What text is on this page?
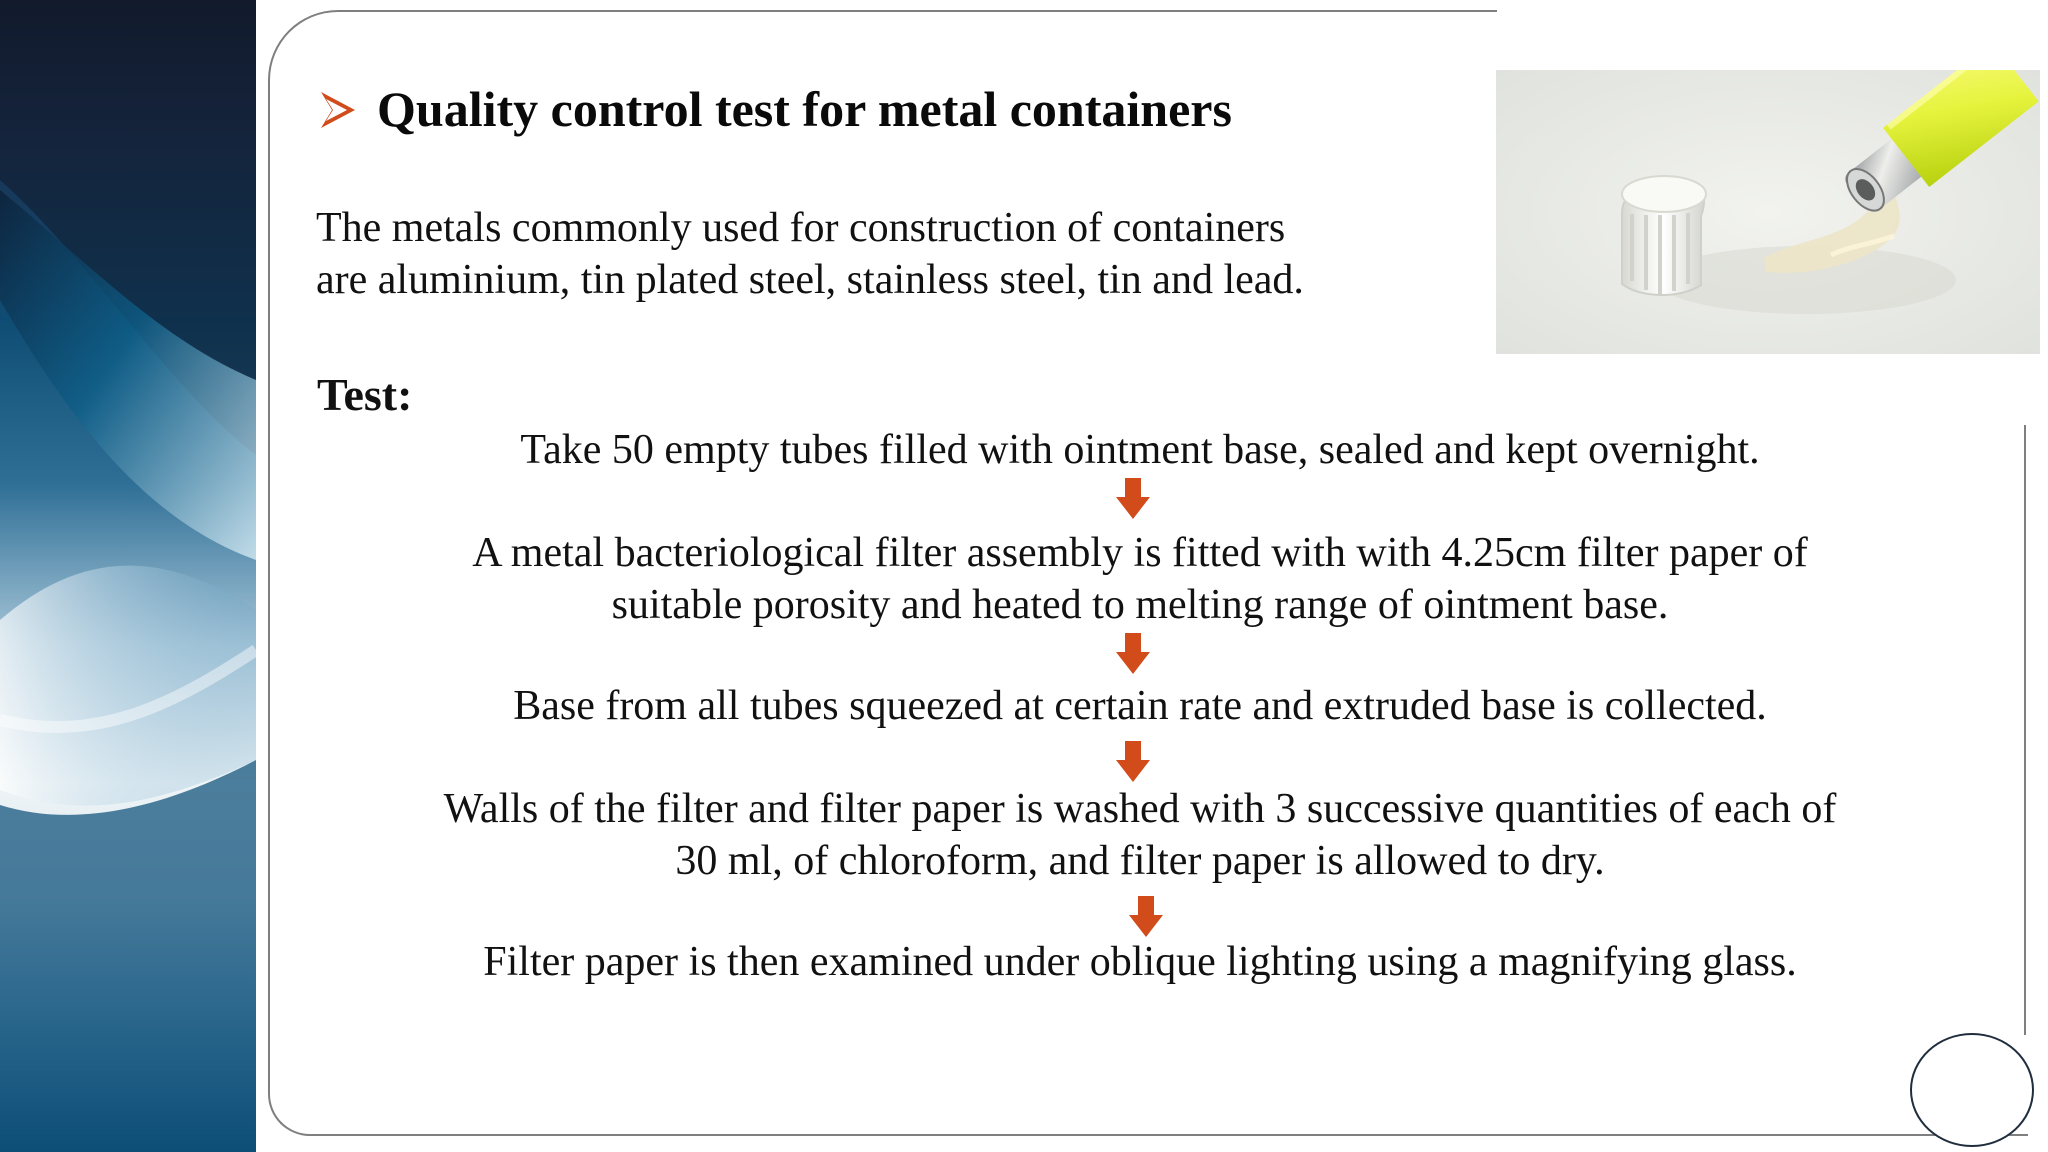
Quality control test for metal containers
The metals commonly used for construction of containers
are aluminium, tin plated steel, stainless steel, tin and lead.
Test:
Take 50 empty tubes filled with ointment base, sealed and kept overnight.
A metal bacteriological filter assembly is fitted with with 4.25cm filter paper of
suitable porosity and heated to melting range of ointment base.
Base from all tubes squeezed at certain rate and extruded base is collected.
Walls of the filter and filter paper is washed with 3 successive quantities of each of
30 ml, of chloroform, and filter paper is allowed to dry.
Filter paper is then examined under oblique lighting using a magnifying glass.
